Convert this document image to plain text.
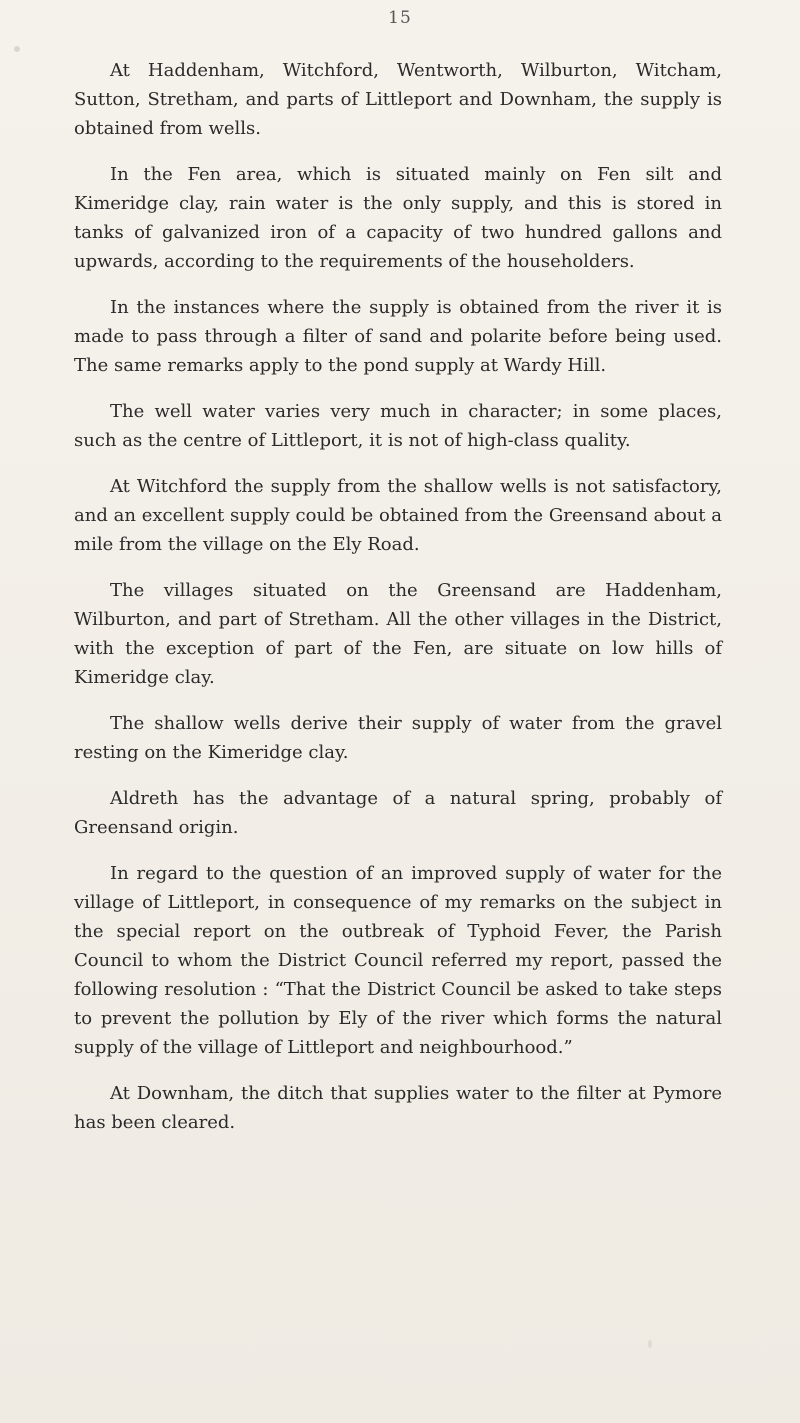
15

At Haddenham, Witchford, Wentworth, Wilburton, Witcham, Sutton, Stretham, and parts of Littleport and Downham, the supply is obtained from wells.

In the Fen area, which is situated mainly on Fen silt and Kimeridge clay, rain water is the only supply, and this is stored in tanks of galvanized iron of a capacity of two hundred gallons and upwards, according to the requirements of the householders.

In the instances where the supply is obtained from the river it is made to pass through a filter of sand and polarite before being used. The same remarks apply to the pond supply at Wardy Hill.

The well water varies very much in character; in some places, such as the centre of Littleport, it is not of high-class quality.

At Witchford the supply from the shallow wells is not satisfactory, and an excellent supply could be obtained from the Greensand about a mile from the village on the Ely Road.

The villages situated on the Greensand are Haddenham, Wilburton, and part of Stretham. All the other villages in the District, with the exception of part of the Fen, are situate on low hills of Kimeridge clay.

The shallow wells derive their supply of water from the gravel resting on the Kimeridge clay.

Aldreth has the advantage of a natural spring, probably of Greensand origin.

In regard to the question of an improved supply of water for the village of Littleport, in consequence of my remarks on the subject in the special report on the outbreak of Typhoid Fever, the Parish Council to whom the District Council referred my report, passed the following resolution : “That the District Council be asked to take steps to prevent the pollution by Ely of the river which forms the natural supply of the village of Littleport and neighbourhood.”

At Downham, the ditch that supplies water to the filter at Pymore has been cleared.
